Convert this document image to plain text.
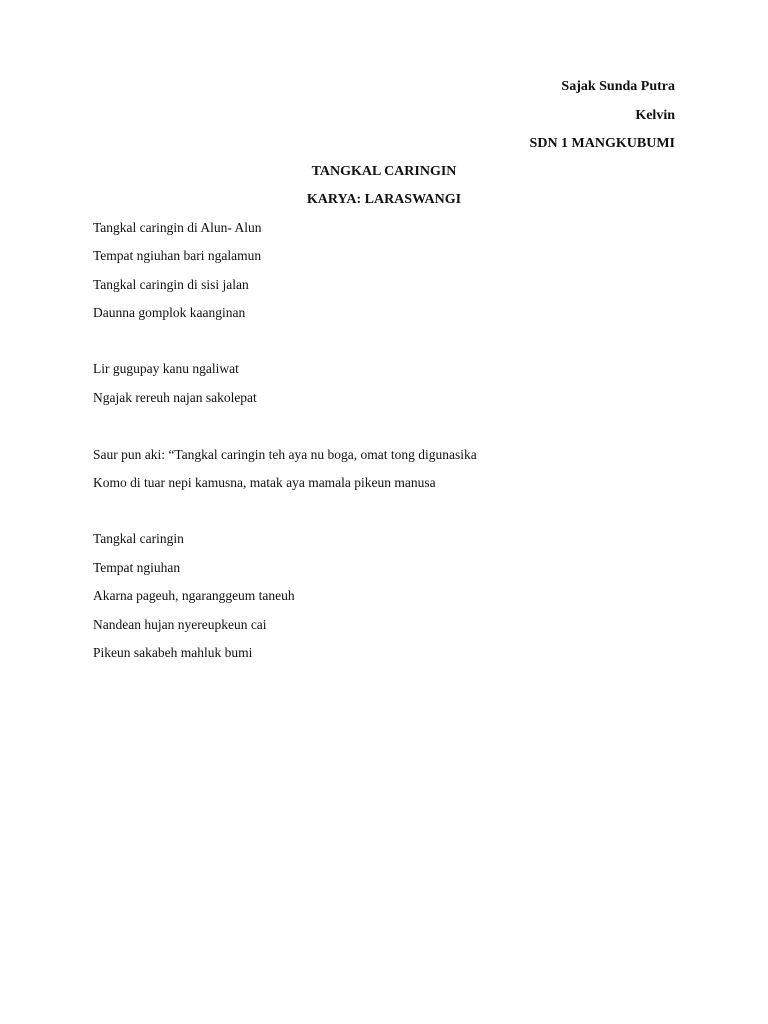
Sajak Sunda Putra
Kelvin
SDN 1 MANGKUBUMI
TANGKAL CARINGIN
KARYA: LARASWANGI
Tangkal caringin di Alun- Alun
Tempat ngiuhan bari ngalamun
Tangkal caringin di sisi jalan
Daunna gomplok kaanginan
Lir gugupay kanu ngaliwat
Ngajak rereuh najan sakolepat
Saur pun aki: “Tangkal caringin teh aya nu boga, omat tong digunasika
Komo di tuar nepi kamusna, matak aya mamala pikeun manusa
Tangkal caringin
Tempat ngiuhan
Akarna pageuh, ngaranggeum taneuh
Nandean hujan nyereupkeun cai
Pikeun sakabeh mahluk bumi
